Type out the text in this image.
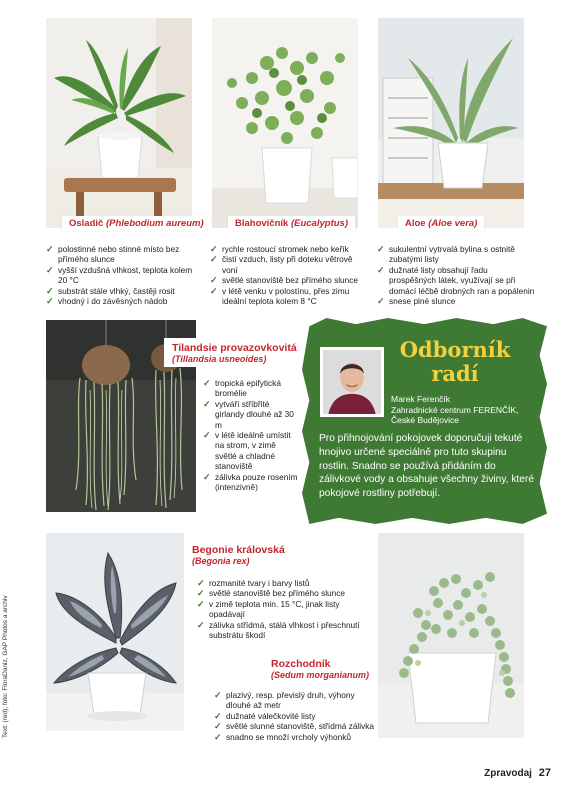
Osladič (Phlebodium aureum)	Blahovičník (Eucalyptus)	Aloe (Aloe vera)
✓ polostinné nebo stinné místo bez přímého slunce
✓ vyšší vzdušná vlhkost, teplota kolem 20 °C
✓ substrát stále vlhký, častěji rosit
✓ vhodný i do závěsných nádob
✓ rychle rostoucí stromek nebo keřík
✓ čistí vzduch, listy při doteku větrově voní
✓ světlé stanoviště bez přímého slunce
✓ v létě venku v polostínu, přes zimu ideální teplota kolem 8 °C
✓ sukulentní vytrvalá bylina s ostnitě zubatými listy
✓ dužnaté listy obsahují řadu prospěšných látek, využívají se při domácí léčbě drobných ran a popálenin
✓ snese plné slunce
Tilandsie provazovkovitá
(Tillandsia usneoides)
✓ tropická epifytická bromélie
✓ vytváří stříbřité girlandy dlouhé až 30 m
✓ v létě ideálně umístit na strom, v zimě světlé a chladné stanoviště
✓ zálivka pouze rosením (intenzivně)
Odborník
radí
Marek Ferenčík
Zahradnické centrum FERENČÍK,
České Budějovice
Pro přihnojování pokojovek doporučuji tekuté hnojivo určené speciálně pro tuto skupinu rostlin. Snadno se používá přidáním do zálivkové vody a obsahuje všechny živiny, které pokojové rostliny potřebují.
Begonie královská
(Begonia rex)
✓ rozmanité tvary i barvy listů
✓ světlé stanoviště bez přímého slunce
✓ v zimě teplota min. 15 °C, jinak listy opadávají
✓ zálivka střídmá, stálá vlhkost i přeschnutí substrátu škodí
Rozchodník
(Sedum morganianum)
✓ plazivý, resp. převislý druh, výhony dlouhé až metr
✓ dužnaté válečkovité listy
✓ světlé slunné stanoviště, střídmá zálivka
✓ snadno se množí vrcholy výhonků
Text: (red); foto: FloraDaniz, GAP Photos a archiv
Zpravodaj 27
